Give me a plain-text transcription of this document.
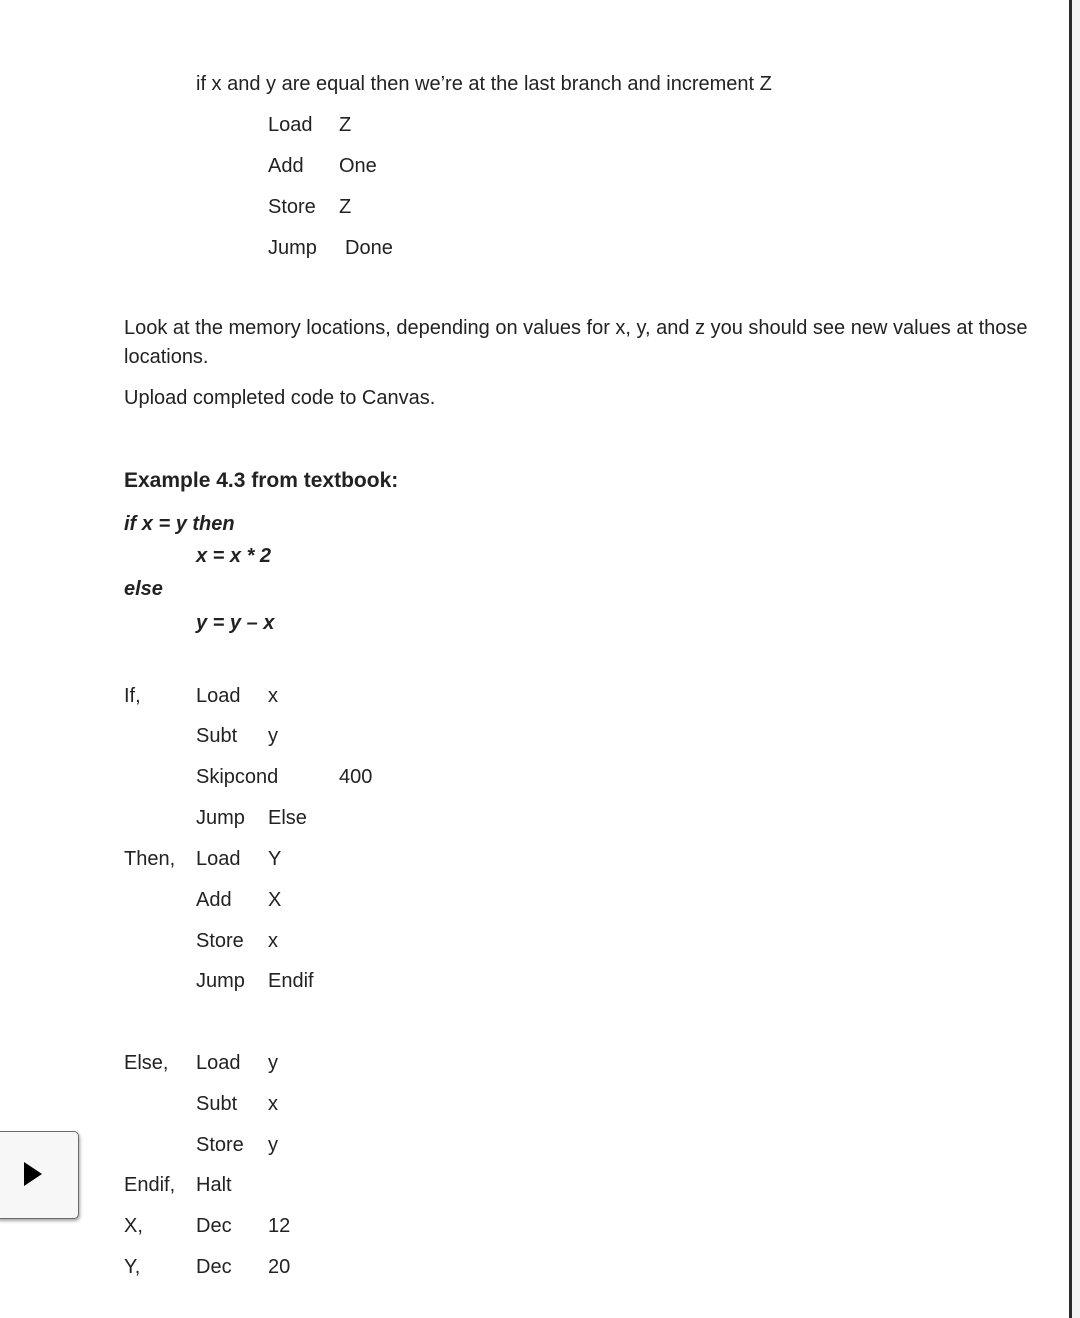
if x and y are equal then we’re at the last branch and increment Z
Load Z
Add One
Store Z
Jump Done
Look at the memory locations, depending on values for x, y, and z you should see new values at those locations.
Upload completed code to Canvas.
Example 4.3 from textbook:
if x = y then
x = x * 2
else
y = y – x
If,	Load x
Subt y
Skipcond	400
Jump Else
Then, Load Y
Add X
Store x
Jump Endif
Else, Load y
Subt x
Store y
Endif, Halt
X,	Dec 12
Y,	Dec 20
